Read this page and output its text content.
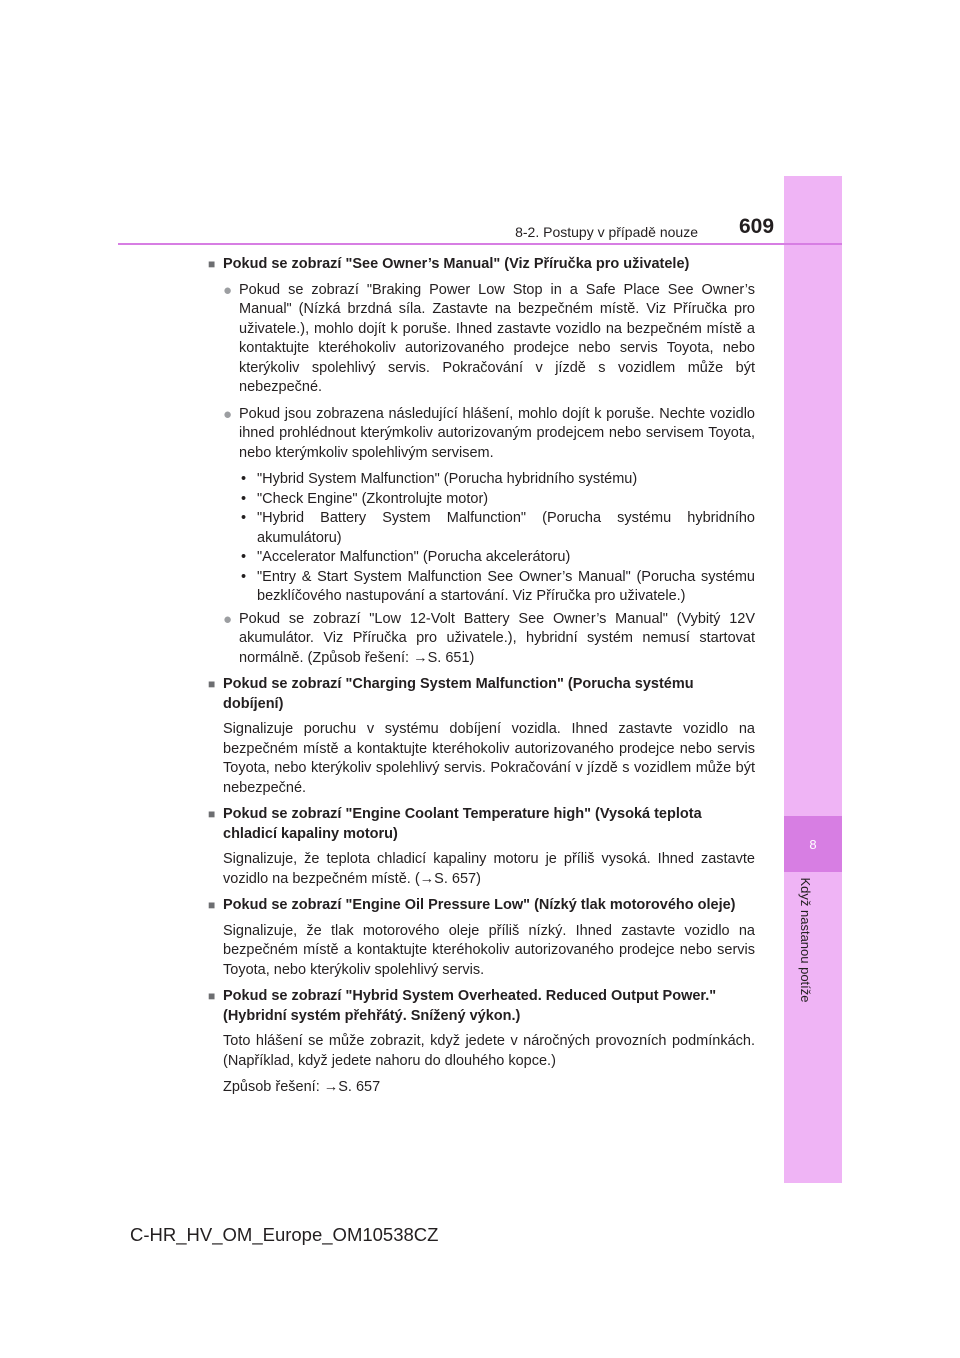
8
Když nastanou potíže
8-2. Postupy v případě nouze 609
■ Pokud se zobrazí "See Owner’s Manual" (Viz Příručka pro uživatele)
● Pokud se zobrazí "Braking Power Low Stop in a Safe Place See Owner’s Manual" (Nízká brzdná síla. Zastavte na bezpečném místě. Viz Příručka pro uživatele.), mohlo dojít k poruše. Ihned zastavte vozidlo na bezpečném místě a kontaktujte kteréhokoliv autorizovaného prodejce nebo servis Toyota, nebo kterýkoliv spolehlivý servis. Pokračování v jízdě s vozidlem může být nebezpečné.
● Pokud jsou zobrazena následující hlášení, mohlo dojít k poruše. Nechte vozidlo ihned prohlédnout kterýmkoliv autorizovaným prodejcem nebo servisem Toyota, nebo kterýmkoliv spolehlivým servisem.
• "Hybrid System Malfunction" (Porucha hybridního systému)
• "Check Engine" (Zkontrolujte motor)
• "Hybrid Battery System Malfunction" (Porucha systému hybridního akumulátoru)
• "Accelerator Malfunction" (Porucha akcelerátoru)
• "Entry & Start System Malfunction See Owner’s Manual" (Porucha systému bezklíčového nastupování a startování. Viz Příručka pro uživatele.)
● Pokud se zobrazí "Low 12-Volt Battery See Owner’s Manual" (Vybitý 12V akumulátor. Viz Příručka pro uživatele.), hybridní systém nemusí startovat normálně. (Způsob řešení: →S. 651)
■ Pokud se zobrazí "Charging System Malfunction" (Porucha systému dobíjení)
Signalizuje poruchu v systému dobíjení vozidla. Ihned zastavte vozidlo na bezpečném místě a kontaktujte kteréhokoliv autorizovaného prodejce nebo servis Toyota, nebo kterýkoliv spolehlivý servis. Pokračování v jízdě s vozidlem může být nebezpečné.
■ Pokud se zobrazí "Engine Coolant Temperature high" (Vysoká teplota chladicí kapaliny motoru)
Signalizuje, že teplota chladicí kapaliny motoru je příliš vysoká. Ihned zastavte vozidlo na bezpečném místě. (→S. 657)
■ Pokud se zobrazí "Engine Oil Pressure Low" (Nízký tlak motorového oleje)
Signalizuje, že tlak motorového oleje příliš nízký. Ihned zastavte vozidlo na bezpečném místě a kontaktujte kteréhokoliv autorizovaného prodejce nebo servis Toyota, nebo kterýkoliv spolehlivý servis.
■ Pokud se zobrazí "Hybrid System Overheated. Reduced Output Power." (Hybridní systém přehřátý. Snížený výkon.)
Toto hlášení se může zobrazit, když jedete v náročných provozních podmínkách. (Například, když jedete nahoru do dlouhého kopce.)
Způsob řešení: →S. 657
C-HR_HV_OM_Europe_OM10538CZ
